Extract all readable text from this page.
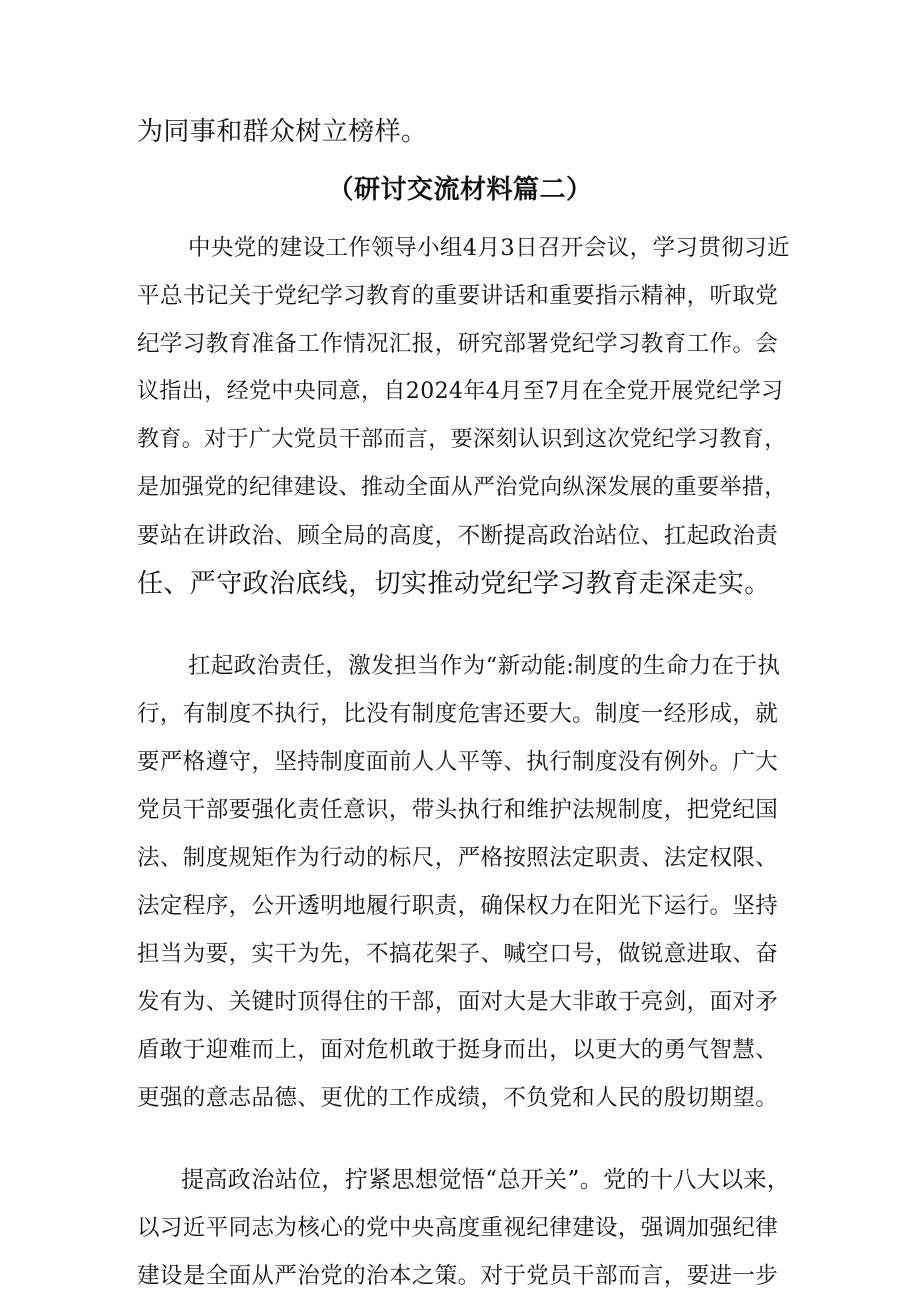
为同事和群众树立榜样。
（研讨交流材料篇二）
中央党的建设工作领导小组4月3日召开会议，学习贯彻习近
平总书记关于党纪学习教育的重要讲话和重要指示精神，听取党
纪学习教育准备工作情况汇报，研究部署党纪学习教育工作。会
议指出，经党中央同意，自2024年4月至7月在全党开展党纪学习
教育。对于广大党员干部而言，要深刻认识到这次党纪学习教育，
是加强党的纪律建设、推动全面从严治党向纵深发展的重要举措，
要站在讲政治、顾全局的高度，不断提高政治站位、扛起政治责
任、严守政治底线，切实推动党纪学习教育走深走实。
扛起政治责任，激发担当作为“新动能:制度的生命力在于执
行，有制度不执行，比没有制度危害还要大。制度一经形成，就
要严格遵守，坚持制度面前人人平等、执行制度没有例外。广大
党员干部要强化责任意识，带头执行和维护法规制度，把党纪国
法、制度规矩作为行动的标尺，严格按照法定职责、法定权限、
法定程序，公开透明地履行职责，确保权力在阳光下运行。坚持
担当为要，实干为先，不搞花架子、喊空口号，做锐意进取、奋
发有为、关键时顶得住的干部，面对大是大非敢于亮剑，面对矛
盾敢于迎难而上，面对危机敢于挺身而出，以更大的勇气智慧、
更强的意志品德、更优的工作成绩，不负党和人民的殷切期望。
提高政治站位，拧紧思想觉悟“总开关”。党的十八大以来，
以习近平同志为核心的党中央高度重视纪律建设，强调加强纪律
建设是全面从严治党的治本之策。对于党员干部而言，要进一步
